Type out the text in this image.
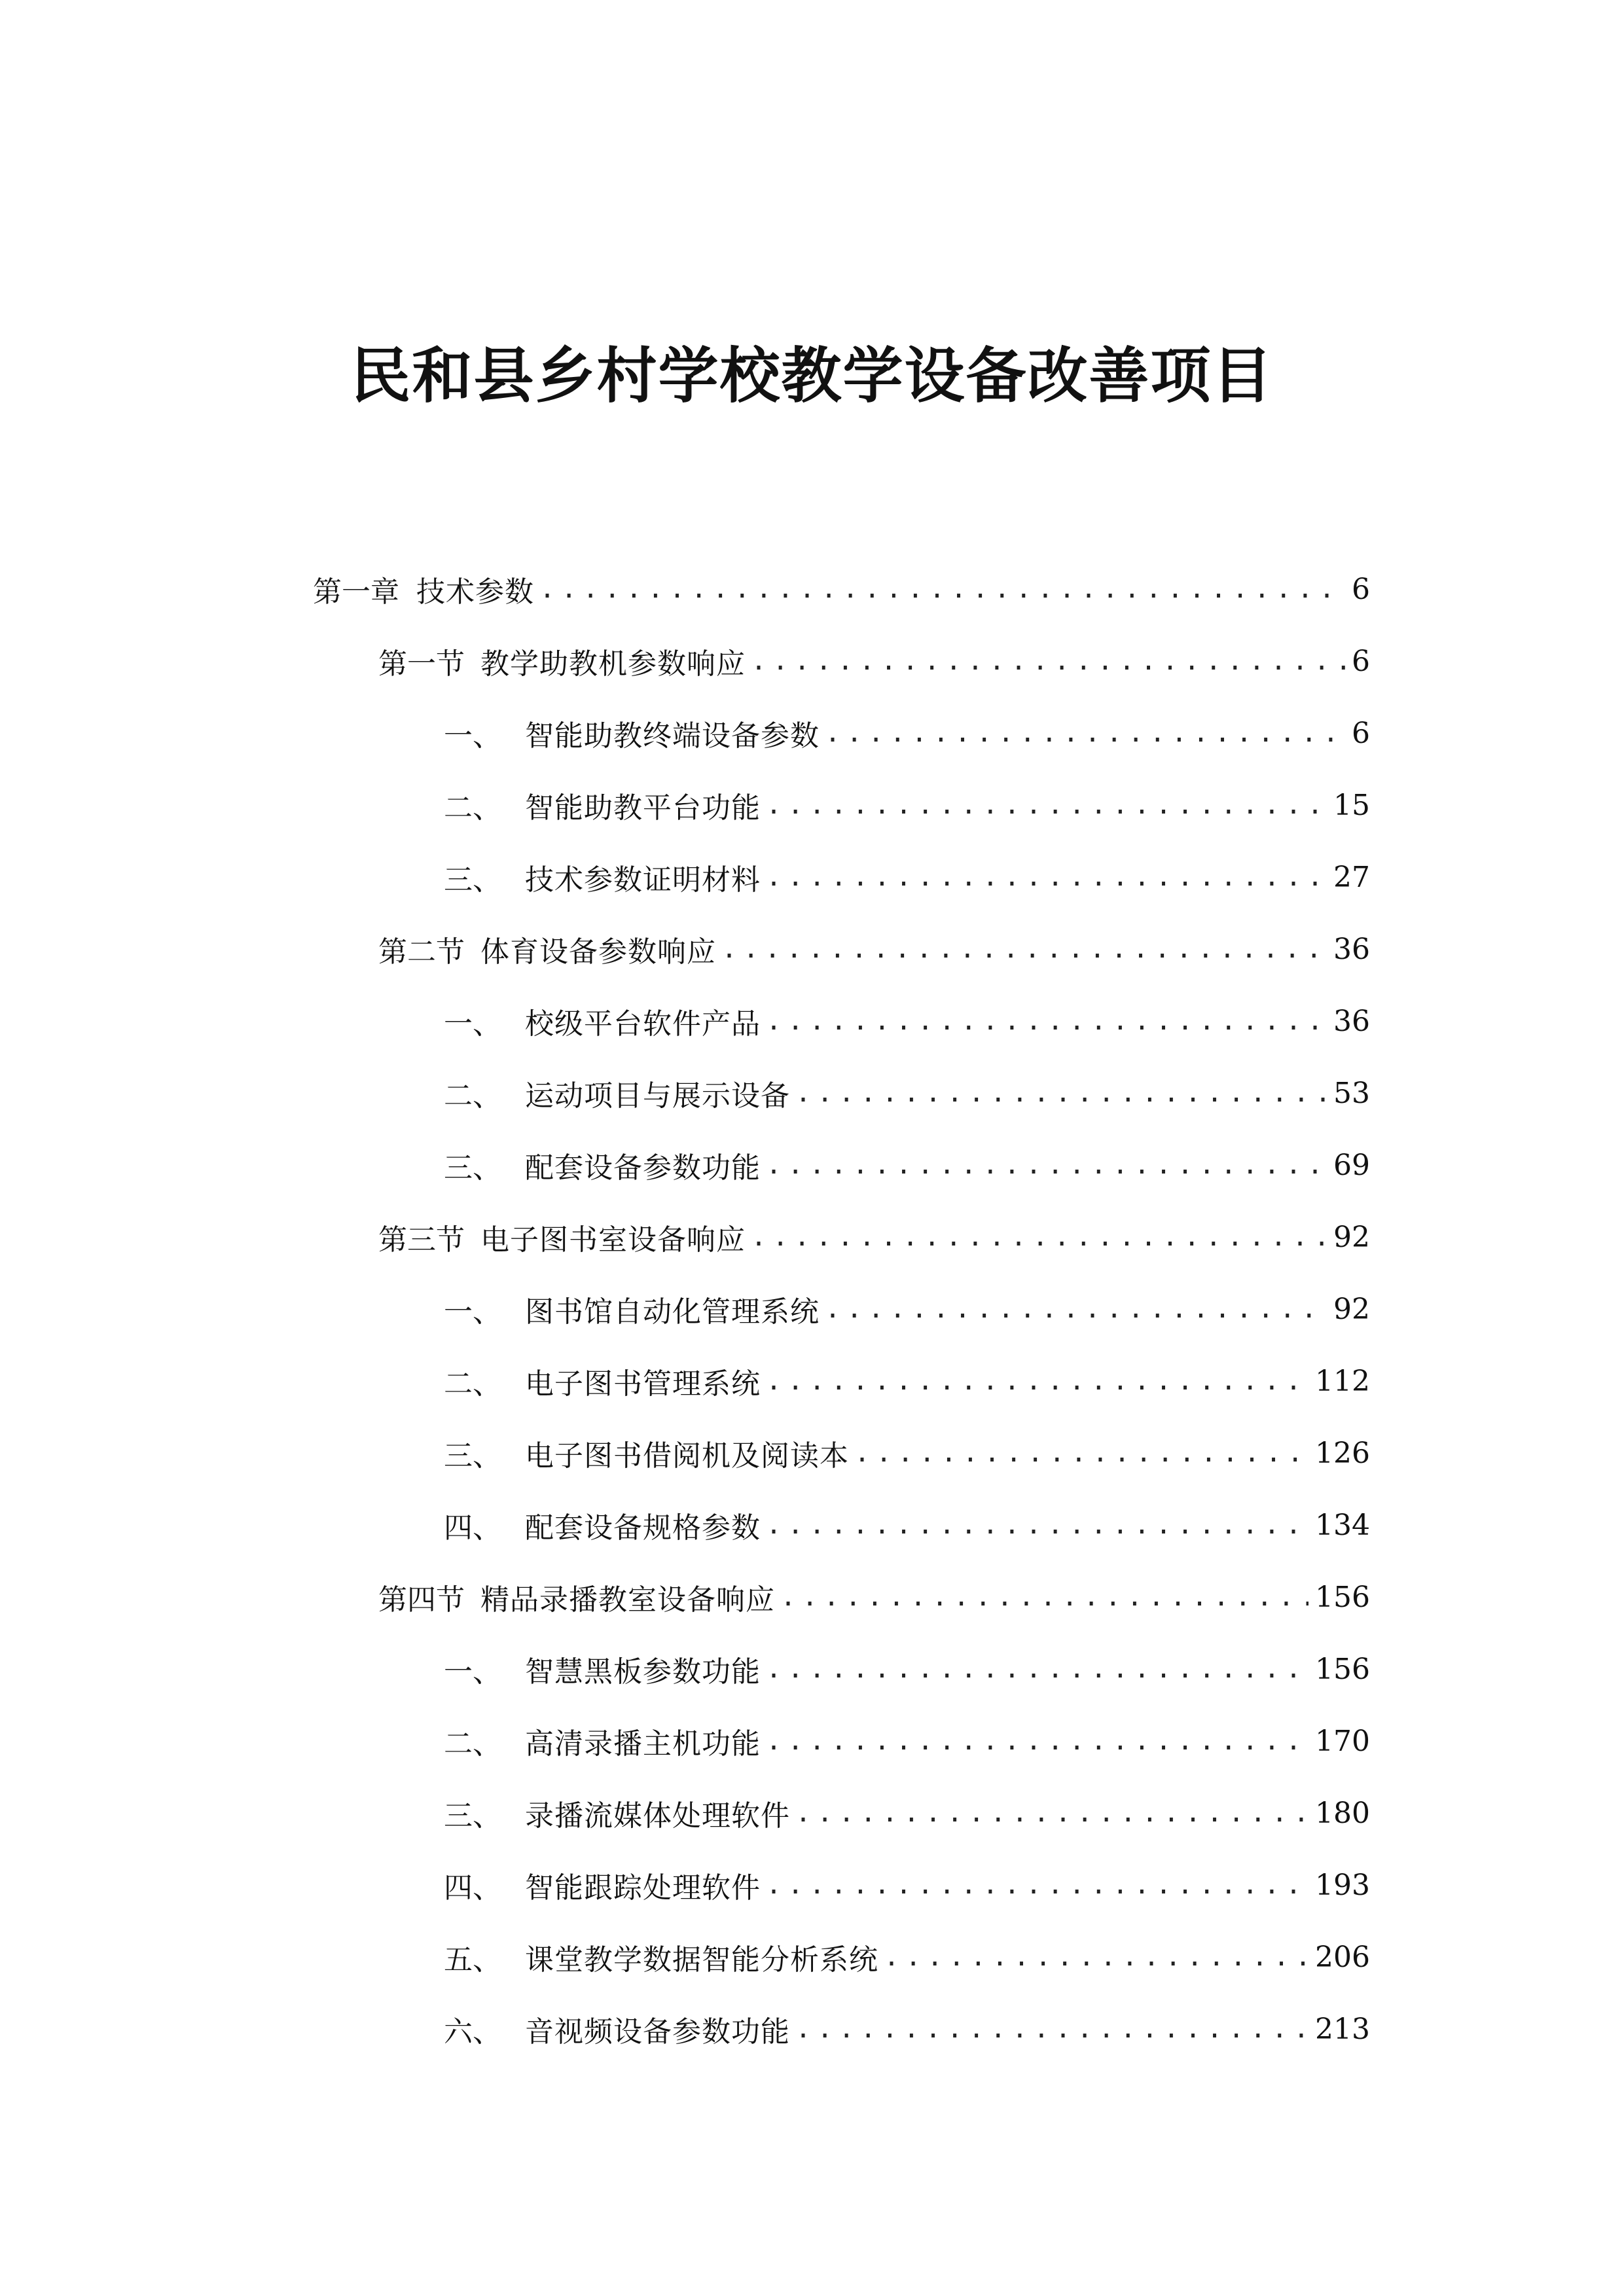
民和县乡村学校教学设备改善项目
第一章 技术参数 .....	6
第一节 教学助教机参数响应 .....	6
一、 智能助教终端设备参数 .....	6
二、 智能助教平台功能 .....	15
三、 技术参数证明材料 .....	27
第二节 体育设备参数响应 .....	36
一、 校级平台软件产品 .....	36
二、 运动项目与展示设备 .....	53
三、 配套设备参数功能 .....	69
第三节 电子图书室设备响应 .....	92
一、 图书馆自动化管理系统 .....	92
二、 电子图书管理系统 .....	112
三、 电子图书借阅机及阅读本 .....	126
四、 配套设备规格参数 .....	134
第四节 精品录播教室设备响应 .....	156
一、 智慧黑板参数功能 .....	156
二、 高清录播主机功能 .....	170
三、 录播流媒体处理软件 .....	180
四、 智能跟踪处理软件 .....	193
五、 课堂教学数据智能分析系统 .....	206
六、 音视频设备参数功能 .....	213
